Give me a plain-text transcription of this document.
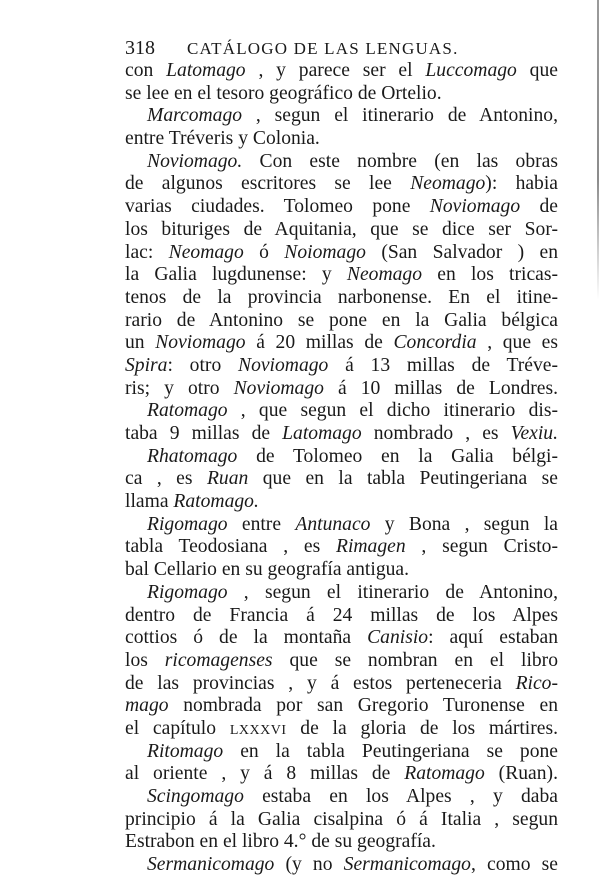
318 CATÁLOGO DE LAS LENGUAS.
con Latomago , y parece ser el Luccomago que
se lee en el tesoro geográfico de Ortelio.
Marcomago , segun el itinerario de Antonino,
entre Tréveris y Colonia.
Noviomago. Con este nombre (en las obras
de algunos escritores se lee Neomago): habia
varias ciudades. Tolomeo pone Noviomago de
los bituriges de Aquitania, que se dice ser Sor-
lac: Neomago ó Noiomago (San Salvador ) en
la Galia lugdunense: y Neomago en los tricas-
tenos de la provincia narbonense. En el itine-
rario de Antonino se pone en la Galia bélgica
un Noviomago á 20 millas de Concordia , que es
Spira: otro Noviomago á 13 millas de Tréve-
ris; y otro Noviomago á 10 millas de Londres.
Ratomago , que segun el dicho itinerario dis-
taba 9 millas de Latomago nombrado , es Vexiu.
Rhatomago de Tolomeo en la Galia bélgi-
ca , es Ruan que en la tabla Peutingeriana se
llama Ratomago.
Rigomago entre Antunaco y Bona , segun la
tabla Teodosiana , es Rimagen , segun Cristo-
bal Cellario en su geografía antigua.
Rigomago , segun el itinerario de Antonino,
dentro de Francia á 24 millas de los Alpes
cottios ó de la montaña Canisio: aquí estaban
los ricomagenses que se nombran en el libro
de las provincias , y á estos perteneceria Rico-
mago nombrada por san Gregorio Turonense en
el capítulo lxxxvi de la gloria de los mártires.
Ritomago en la tabla Peutingeriana se pone
al oriente , y á 8 millas de Ratomago (Ruan).
Scingomago estaba en los Alpes , y daba
principio á la Galia cisalpina ó á Italia , segun
Estrabon en el libro 4.° de su geografía.
Sermanicomago (y no Sermanicomago, como se
